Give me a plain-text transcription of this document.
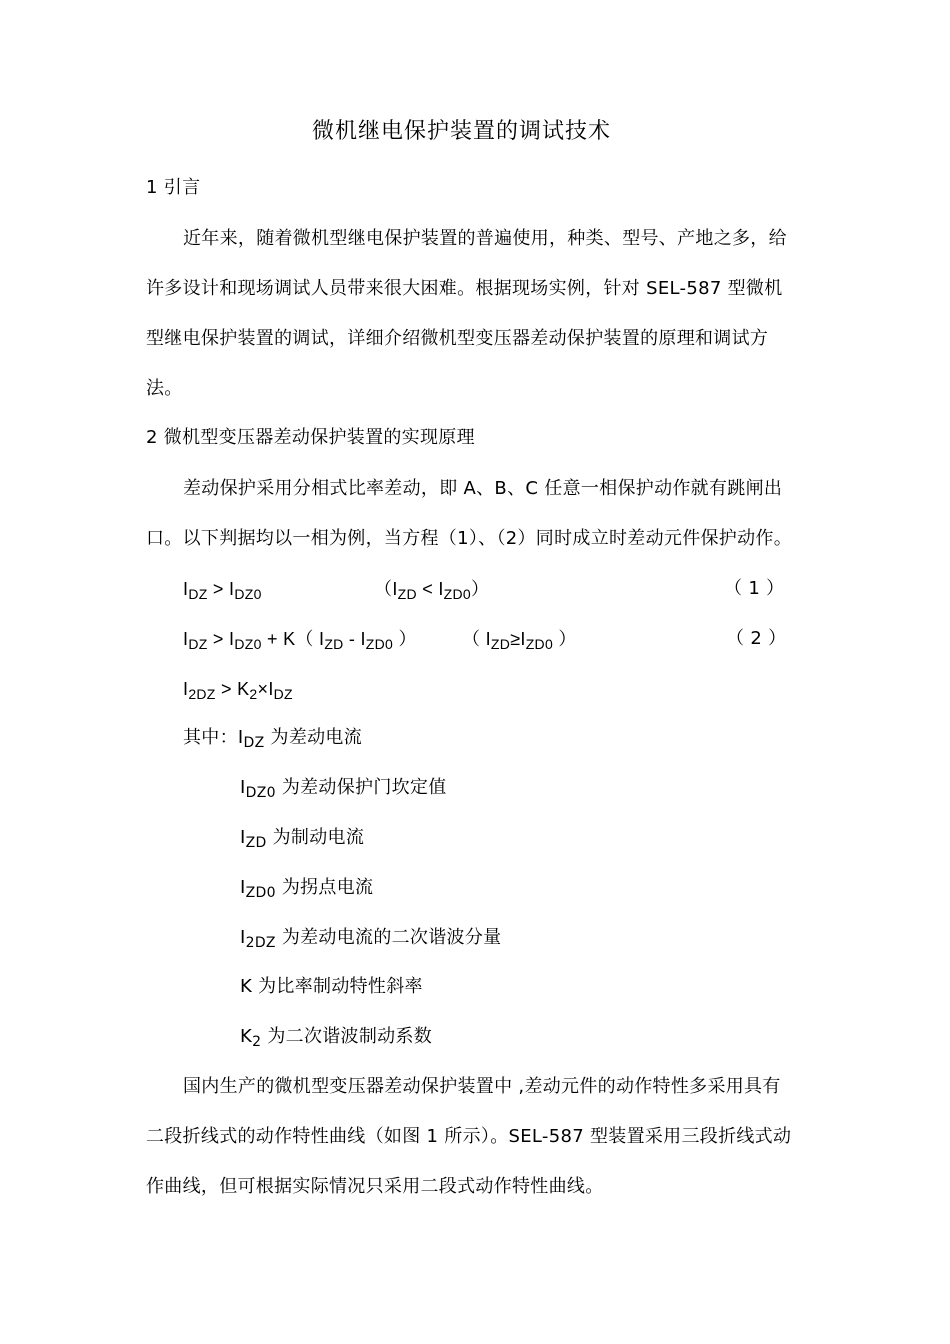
微机继电保护装置的调试技术
1 引言
近年来，随着微机型继电保护装置的普遍使用，种类、型号、产地之多，给
许多设计和现场调试人员带来很大困难。根据现场实例，针对 SEL-587 型微机
型继电保护装置的调试，详细介绍微机型变压器差动保护装置的原理和调试方
法。
2 微机型变压器差动保护装置的实现原理
差动保护采用分相式比率差动，即 A、B、C 任意一相保护动作就有跳闸出
口。以下判据均以一相为例，当方程（1）、（2）同时成立时差动元件保护动作。
$I_{DZ} > I_{DZ0}$	$(I_{ZD} < I_{ZD0})$	（ 1 ）
$I_{DZ} > I_{DZ0} + K$（ $I_{ZD} - I_{ZD0}$ ）	（ $I_{ZD}\ge I_{ZD0}$ ）	（ 2 ）
$I_{2DZ} > K_2\times I_{DZ}$
其中：$I_{DZ}$ 为差动电流
$I_{DZ0}$ 为差动保护门坎定值
$I_{ZD}$ 为制动电流
$I_{ZD0}$ 为拐点电流
$I_{2DZ}$ 为差动电流的二次谐波分量
K 为比率制动特性斜率
$K_2$ 为二次谐波制动系数
国内生产的微机型变压器差动保护装置中 ,差动元件的动作特性多采用具有
二段折线式的动作特性曲线（如图 1 所示）。SEL-587 型装置采用三段折线式动
作曲线，但可根据实际情况只采用二段式动作特性曲线。
